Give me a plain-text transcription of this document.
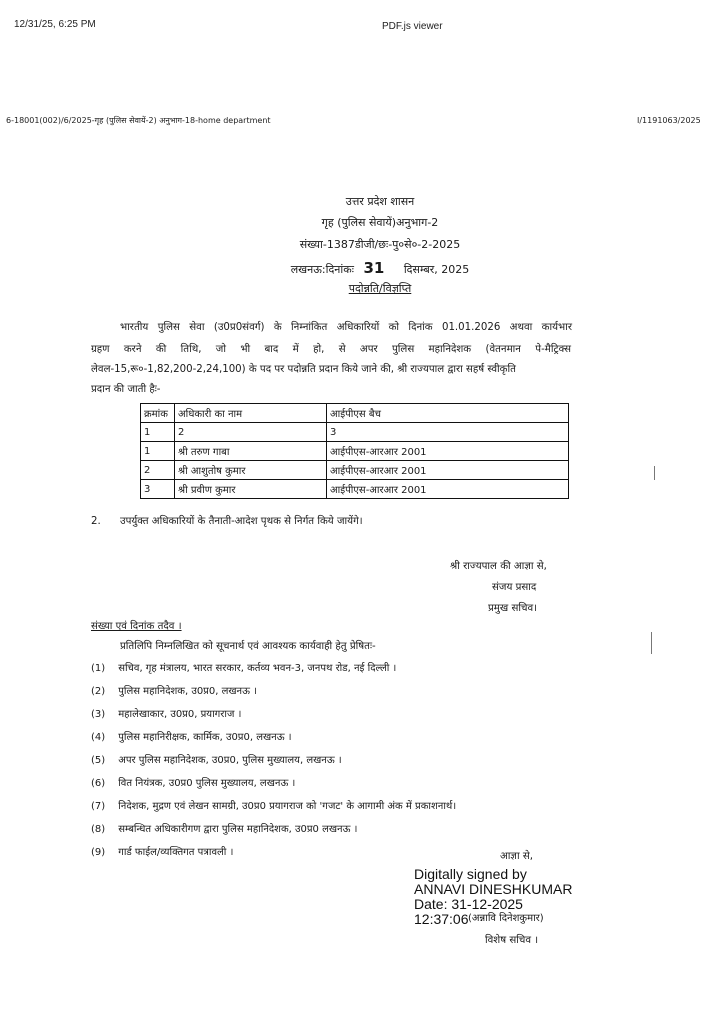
12/31/25, 6:25 PM	PDF.js viewer
6-18001(002)/6/2025-गृह (पुलिस सेवायें-2) अनुभाग-18-home department	I/1191063/2025
उत्तर प्रदेश शासन
गृह (पुलिस सेवायें)अनुभाग-2
संख्या-1387डीजी/छः-पु०से०-2-2025
लखनऊ:दिनांकः 31 दिसम्बर, 2025
पदोन्नति/विज्ञप्ति
भारतीय पुलिस सेवा (उ0प्र0संवर्ग) के निम्नांकित अधिकारियों को दिनांक 01.01.2026 अथवा कार्यभार
ग्रहण करने की तिथि, जो भी बाद में हो, से अपर पुलिस महानिदेशक (वेतनमान पे-मैट्रिक्स
लेवल-15,रू०-1,82,200-2,24,100) के पद पर पदोन्नति प्रदान किये जाने की, श्री राज्यपाल द्वारा सहर्ष स्वीकृति
प्रदान की जाती हैः-
क्रमांक	अधिकारी का नाम	आईपीएस बैच
1	2	3
1	श्री तरुण गाबा	आईपीएस-आरआर 2001
2	श्री आशुतोष कुमार	आईपीएस-आरआर 2001
3	श्री प्रवीण कुमार	आईपीएस-आरआर 2001
2. उपर्युक्त अधिकारियों के तैनाती-आदेश पृथक से निर्गत किये जायेंगे।
श्री राज्यपाल की आज्ञा से,
संजय प्रसाद
प्रमुख सचिव।
संख्या एवं दिनांक तदैव ।
प्रतिलिपि निम्नलिखित को सूचनार्थ एवं आवश्यक कार्यवाही हेतु प्रेषितः-
(1) सचिव, गृह मंत्रालय, भारत सरकार, कर्तव्य भवन-3, जनपथ रोड, नई दिल्ली ।
(2) पुलिस महानिदेशक, उ0प्र0, लखनऊ ।
(3) महालेखाकार, उ0प्र0, प्रयागराज ।
(4) पुलिस महानिरीक्षक, कार्मिक, उ0प्र0, लखनऊ ।
(5) अपर पुलिस महानिदेशक, उ0प्र0, पुलिस मुख्यालय, लखनऊ ।
(6) वित नियंत्रक, उ0प्र0 पुलिस मुख्यालय, लखनऊ ।
(7) निदेशक, मुद्रण एवं लेखन सामग्री, उ0प्र0 प्रयागराज को 'गजट' के आगामी अंक में प्रकाशनार्थ।
(8) सम्बन्धित अधिकारीगण द्वारा पुलिस महानिदेशक, उ0प्र0 लखनऊ ।
(9) गार्ड फाईल/व्यक्तिगत पत्रावली ।	आज्ञा से,
(अन्नावि दिनेशकुमार)
विशेष सचिव ।
Digitally signed by
ANNAVI DINESHKUMAR
Date: 31-12-2025
12:37:06
